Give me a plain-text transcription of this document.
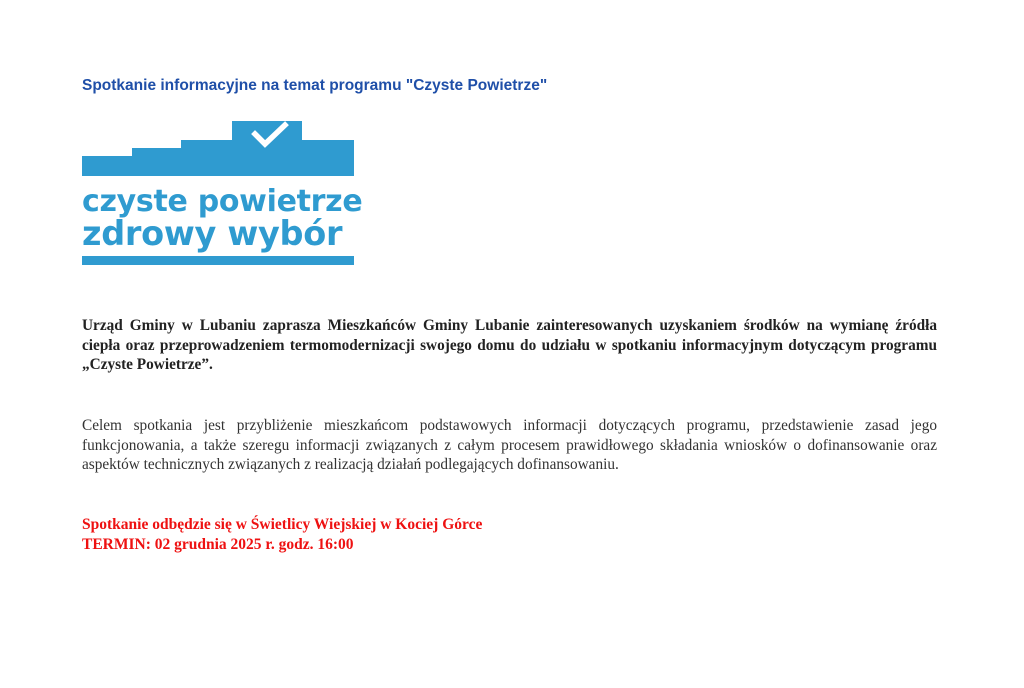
Spotkanie informacyjne na temat programu "Czyste Powietrze"
czyste powietrze
zdrowy wybór

Urząd Gminy w Lubaniu zaprasza Mieszkańców Gminy Lubanie zainteresowanych uzyskaniem środków na wymianę źródła ciepła oraz przeprowadzeniem termomodernizacji swojego domu do udziału w spotkaniu informacyjnym dotyczącym programu „Czyste Powietrze”.

Celem spotkania jest przybliżenie mieszkańcom podstawowych informacji dotyczących programu, przedstawienie zasad jego funkcjonowania, a także szeregu informacji związanych z całym procesem prawidłowego składania wniosków o dofinansowanie oraz aspektów technicznych związanych z realizacją działań podlegających dofinansowaniu.

Spotkanie odbędzie się w Świetlicy Wiejskiej w Kociej Górce
TERMIN: 02 grudnia 2025 r. godz. 16:00
